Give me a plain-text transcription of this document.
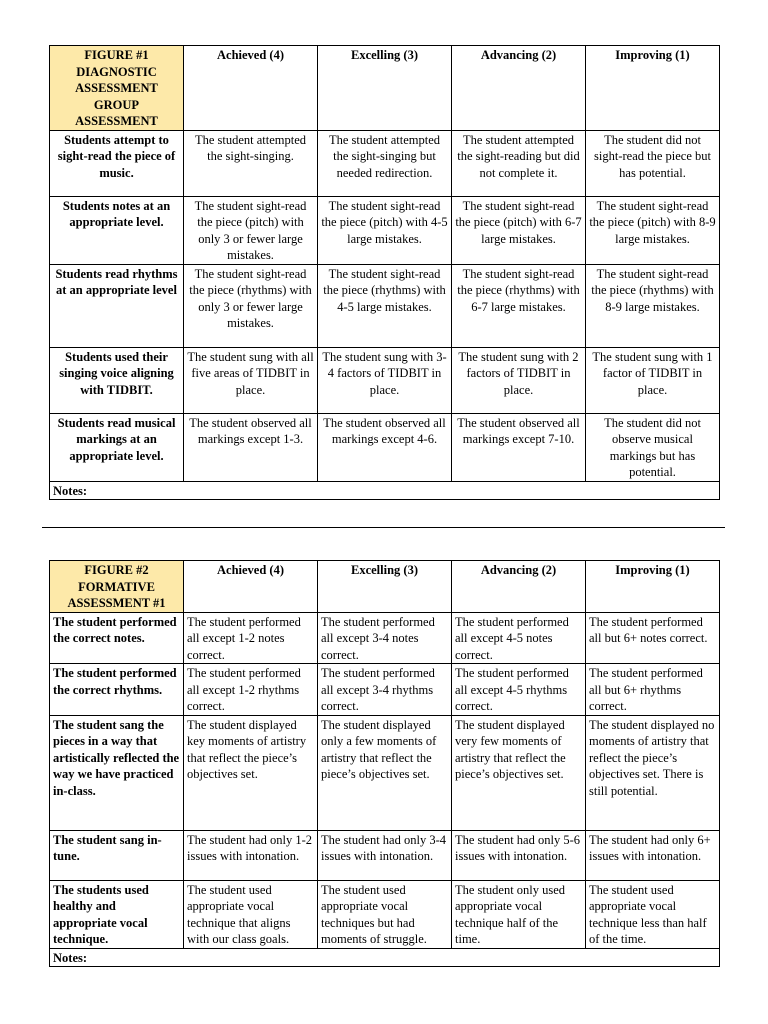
FIGURE #1 DIAGNOSTIC ASSESSMENT GROUP ASSESSMENT	Achieved (4)	Excelling (3)	Advancing (2)	Improving (1)
Students attempt to sight-read the piece of music.	The student attempted the sight-singing.	The student attempted the sight-singing but needed redirection.	The student attempted the sight-reading but did not complete it.	The student did not sight-read the piece but has potential.
Students notes at an appropriate level.	The student sight-read the piece (pitch) with only 3 or fewer large mistakes.	The student sight-read the piece (pitch) with 4-5 large mistakes.	The student sight-read the piece (pitch) with 6-7 large mistakes.	The student sight-read the piece (pitch) with 8-9 large mistakes.
Students read rhythms at an appropriate level	The student sight-read the piece (rhythms) with only 3 or fewer large mistakes.	The student sight-read the piece (rhythms) with 4-5 large mistakes.	The student sight-read the piece (rhythms) with 6-7 large mistakes.	The student sight-read the piece (rhythms) with 8-9 large mistakes.
Students used their singing voice aligning with TIDBIT.	The student sung with all five areas of TIDBIT in place.	The student sung with 3-4 factors of TIDBIT in place.	The student sung with 2 factors of TIDBIT in place.	The student sung with 1 factor of TIDBIT in place.
Students read musical markings at an appropriate level.	The student observed all markings except 1-3.	The student observed all markings except 4-6.	The student observed all markings except 7-10.	The student did not observe musical markings but has potential.
Notes:				
FIGURE #2 FORMATIVE ASSESSMENT #1	Achieved (4)	Excelling (3)	Advancing (2)	Improving (1)
The student performed the correct notes.	The student performed all except 1-2 notes correct.	The student performed all except 3-4 notes correct.	The student performed all except 4-5 notes correct.	The student performed all but 6+ notes correct.
The student performed the correct rhythms.	The student performed all except 1-2 rhythms correct.	The student performed all except 3-4 rhythms correct.	The student performed all except 4-5 rhythms correct.	The student performed all but 6+ rhythms correct.
The student sang the pieces in a way that artistically reflected the way we have practiced in-class.	The student displayed key moments of artistry that reflect the piece’s objectives set.	The student displayed only a few moments of artistry that reflect the piece’s objectives set.	The student displayed very few moments of artistry that reflect the piece’s objectives set.	The student displayed no moments of artistry that reflect the piece’s objectives set. There is still potential.
The student sang in-tune.	The student had only 1-2 issues with intonation.	The student had only 3-4 issues with intonation.	The student had only 5-6 issues with intonation.	The student had only 6+ issues with intonation.
The students used healthy and appropriate vocal technique.	The student used appropriate vocal technique that aligns with our class goals.	The student used appropriate vocal techniques but had moments of struggle.	The student only used appropriate vocal technique half of the time.	The student used appropriate vocal technique less than half of the time.
Notes:				
